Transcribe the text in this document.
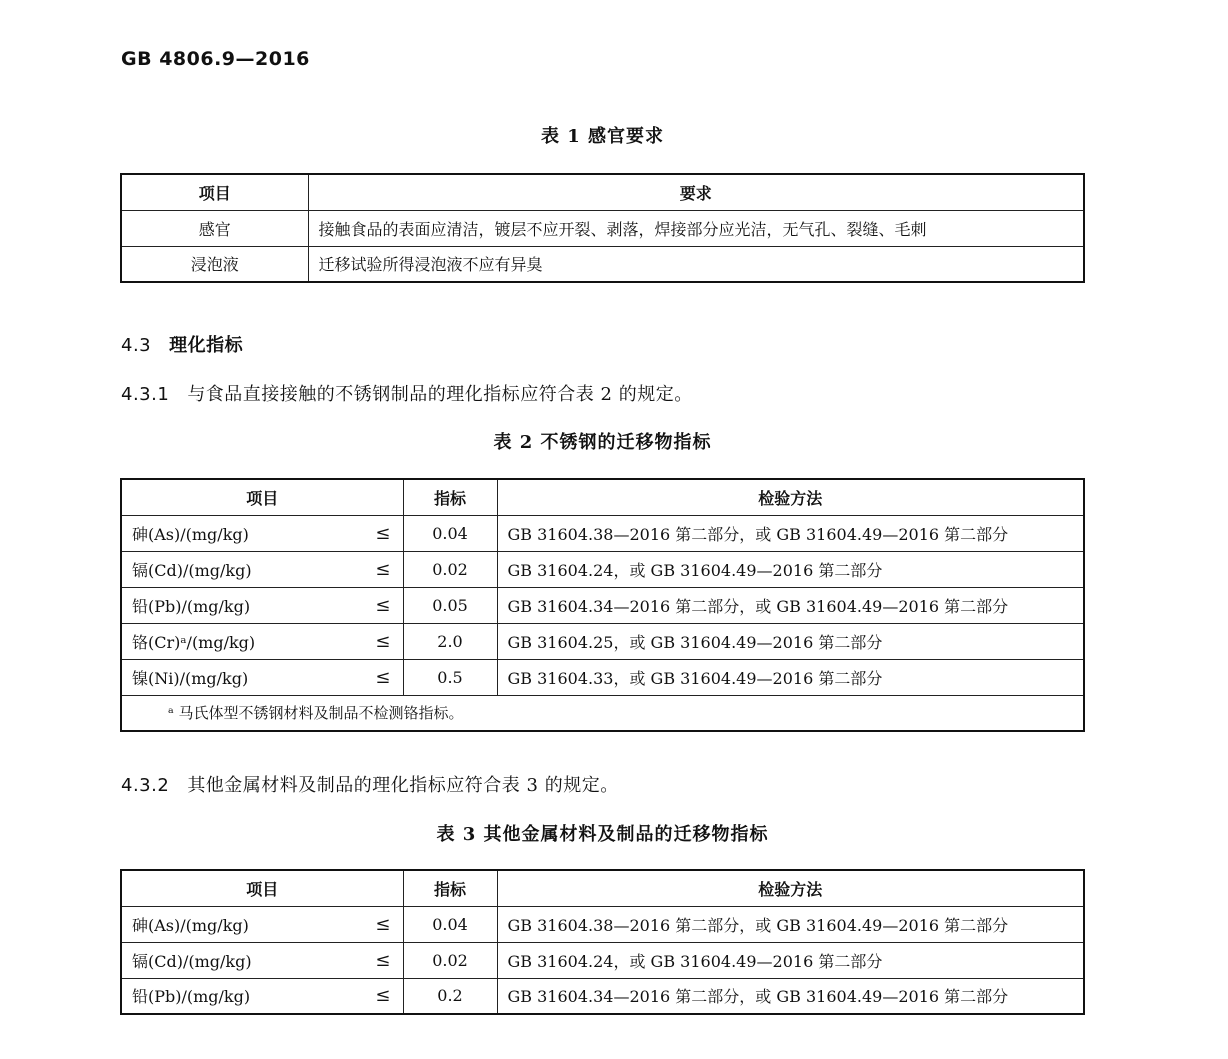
GB 4806.9—2016
表 1 感官要求
项目	要求
感官	接触食品的表面应清洁，镀层不应开裂、剥落，焊接部分应光洁，无气孔、裂缝、毛刺
浸泡液	迁移试验所得浸泡液不应有异臭
4.3 理化指标
4.3.1 与食品直接接触的不锈钢制品的理化指标应符合表 2 的规定。
表 2 不锈钢的迁移物指标
项目	指标	检验方法

砷(As)/(mg/kg) ≤	0.04	GB 31604.38—2016 第二部分，或 GB 31604.49—2016 第二部分

镉(Cd)/(mg/kg) ≤	0.02	GB 31604.24，或 GB 31604.49—2016 第二部分

铅(Pb)/(mg/kg) ≤	0.05	GB 31604.34—2016 第二部分，或 GB 31604.49—2016 第二部分

铬(Cr)ᵃ/(mg/kg) ≤	2.0	GB 31604.25，或 GB 31604.49—2016 第二部分

镍(Ni)/(mg/kg) ≤	0.5	GB 31604.33，或 GB 31604.49—2016 第二部分
ᵃ 马氏体型不锈钢材料及制品不检测铬指标。		
4.3.2 其他金属材料及制品的理化指标应符合表 3 的规定。
表 3 其他金属材料及制品的迁移物指标
项目	指标	检验方法

砷(As)/(mg/kg) ≤	0.04	GB 31604.38—2016 第二部分，或 GB 31604.49—2016 第二部分

镉(Cd)/(mg/kg) ≤	0.02	GB 31604.24，或 GB 31604.49—2016 第二部分

铅(Pb)/(mg/kg) ≤	0.2	GB 31604.34—2016 第二部分，或 GB 31604.49—2016 第二部分
